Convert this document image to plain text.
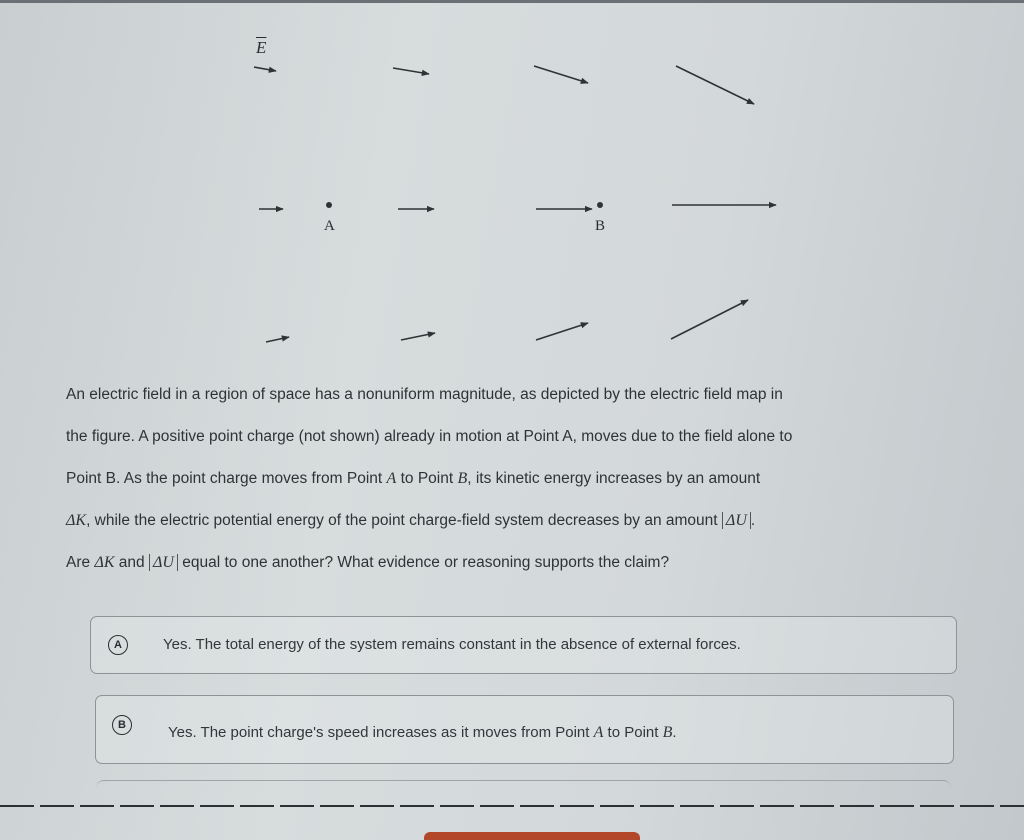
$\overline{E}$
A	B

An electric field in a region of space has a nonuniform magnitude, as depicted by the electric field map in

the figure. A positive point charge (not shown) already in motion at Point A, moves due to the field alone to

Point B. As the point charge moves from Point A to Point B, its kinetic energy increases by an amount

ΔK, while the electric potential energy of the point charge-field system decreases by an amount ΔU .

Are ΔK and ΔU equal to one another? What evidence or reasoning supports the claim?

A	Yes. The total energy of the system remains constant in the absence of external forces.
B	Yes. The point charge's speed increases as it moves from Point A to Point B.
